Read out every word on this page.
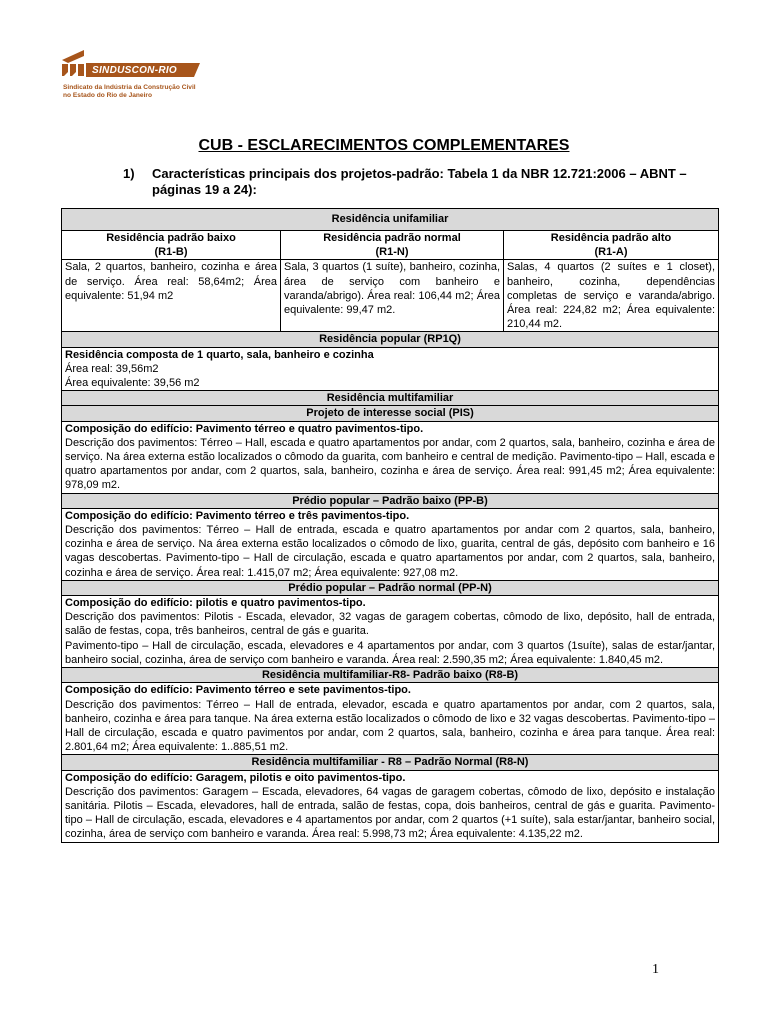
SINDUSCON-RIO
Sindicato da Indústria da Construção Civil
no Estado do Rio de Janeiro
CUB - ESCLARECIMENTOS COMPLEMENTARES
1) Características principais dos projetos-padrão: Tabela 1 da NBR 12.721:2006 – ABNT – páginas 19 a 24):
Residência unifamiliar		

Residência padrão baixo
(R1-B)	Residência padrão normal
(R1-N)	Residência padrão alto
(R1-A)

Sala, 2 quartos, banheiro, cozinha e área de serviço. Área real: 58,64m2; Área equivalente: 51,94 m2	Sala, 3 quartos (1 suíte), banheiro, cozinha, área de serviço com banheiro e varanda/abrigo). Área real: 106,44 m2; Área equivalente: 99,47 m2.	Salas, 4 quartos (2 suítes e 1 closet), banheiro, cozinha, dependências completas de serviço e varanda/abrigo. Área real: 224,82 m2; Área equivalente: 210,44 m2.
Residência popular (RP1Q)		

Residência composta de 1 quarto, sala, banheiro e cozinha
Área real: 39,56m2
Área equivalente: 39,56 m2		

Residência multifamiliar		
Projeto de interesse social (PIS)		

Composição do edifício: Pavimento térreo e quatro pavimentos-tipo.
Descrição dos pavimentos: Térreo – Hall, escada e quatro apartamentos por andar, com 2 quartos, sala, banheiro, cozinha e área de serviço. Na área externa estão localizados o cômodo da guarita, com banheiro e central de medição. Pavimento-tipo – Hall, escada e quatro apartamentos por andar, com 2 quartos, sala, banheiro, cozinha e área de serviço. Área real: 991,45 m2; Área equivalente: 978,09 m2.		

Prédio popular – Padrão baixo (PP-B)		

Composição do edifício: Pavimento térreo e três pavimentos-tipo.
Descrição dos pavimentos: Térreo – Hall de entrada, escada e quatro apartamentos por andar com 2 quartos, sala, banheiro, cozinha e área de serviço. Na área externa estão localizados o cômodo de lixo, guarita, central de gás, depósito com banheiro e 16 vagas descobertas. Pavimento-tipo – Hall de circulação, escada e quatro apartamentos por andar, com 2 quartos, sala, banheiro, cozinha e área de serviço. Área real: 1.415,07 m2; Área equivalente: 927,08 m2.		

Prédio popular – Padrão normal (PP-N)		

Composição do edifício: pilotis e quatro pavimentos-tipo.
Descrição dos pavimentos: Pilotis - Escada, elevador, 32 vagas de garagem cobertas, cômodo de lixo, depósito, hall de entrada, salão de festas, copa, três banheiros, central de gás e guarita.
Pavimento-tipo – Hall de circulação, escada, elevadores e 4 apartamentos por andar, com 3 quartos (1suíte), salas de estar/jantar, banheiro social, cozinha, área de serviço com banheiro e varanda. Área real: 2.590,35 m2; Área equivalente: 1.840,45 m2.		

Residência multifamiliar-R8- Padrão baixo (R8-B)		

Composição do edifício: Pavimento térreo e sete pavimentos-tipo.
Descrição dos pavimentos: Térreo – Hall de entrada, elevador, escada e quatro apartamentos por andar, com 2 quartos, sala, banheiro, cozinha e área para tanque. Na área externa estão localizados o cômodo de lixo e 32 vagas descobertas. Pavimento-tipo – Hall de circulação, escada e quatro pavimentos por andar, com 2 quartos, sala, banheiro, cozinha e área para tanque. Área real: 2.801,64 m2; Área equivalente: 1..885,51 m2.		

Residência multifamiliar - R8 – Padrão Normal (R8-N)		

Composição do edifício: Garagem, pilotis e oito pavimentos-tipo.
Descrição dos pavimentos: Garagem – Escada, elevadores, 64 vagas de garagem cobertas, cômodo de lixo, depósito e instalação sanitária. Pilotis – Escada, elevadores, hall de entrada, salão de festas, copa, dois banheiros, central de gás e guarita. Pavimento-tipo – Hall de circulação, escada, elevadores e 4 apartamentos por andar, com 2 quartos (+1 suíte), sala estar/jantar, banheiro social, cozinha, área de serviço com banheiro e varanda. Área real: 5.998,73 m2; Área equivalente: 4.135,22 m2.		
1
